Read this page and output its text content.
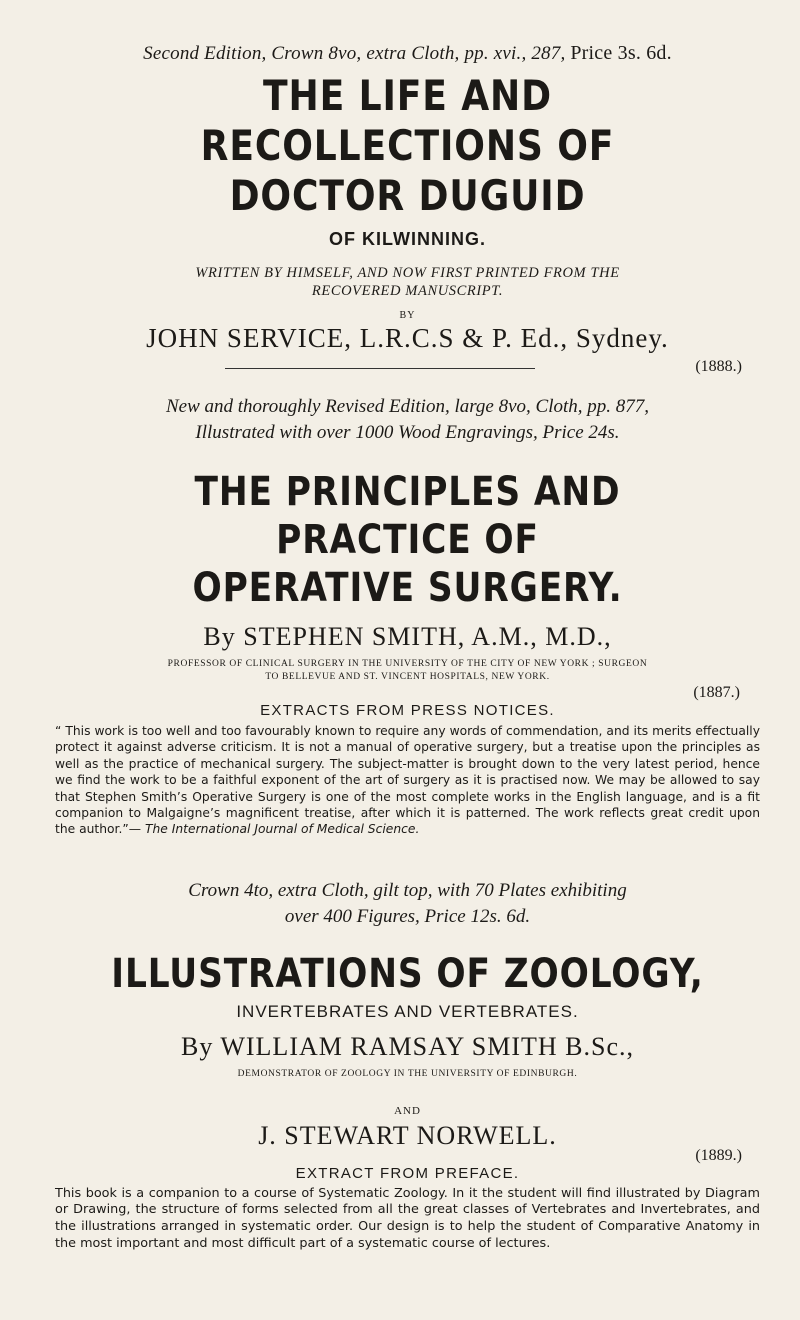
Second Edition, Crown 8vo, extra Cloth, pp. xvi., 287, Price 3s. 6d.

THE LIFE AND RECOLLECTIONS OF
DOCTOR DUGUID
OF KILWINNING.
WRITTEN BY HIMSELF, AND NOW FIRST PRINTED FROM THE
RECOVERED MANUSCRIPT.
BY
JOHN SERVICE, L.R.C.S & P. Ed., Sydney.
(1888.)
New and thoroughly Revised Edition, large 8vo, Cloth, pp. 877,
Illustrated with over 1000 Wood Engravings, Price 24s.
THE PRINCIPLES AND PRACTICE OF
OPERATIVE SURGERY.
By STEPHEN SMITH, A.M., M.D.,
PROFESSOR OF CLINICAL SURGERY IN THE UNIVERSITY OF THE CITY OF NEW YORK ; SURGEON
TO BELLEVUE AND ST. VINCENT HOSPITALS, NEW YORK.
(1887.)
EXTRACTS FROM PRESS NOTICES.
“ This work is too well and too favourably known to require any words of commendation, and its merits effectually protect it against adverse criticism. It is not a manual of operative surgery, but a treatise upon the principles as well as the practice of mechanical surgery. The subject-matter is brought down to the very latest period, hence we find the work to be a faithful exponent of the art of surgery as it is practised now. We may be allowed to say that Stephen Smith’s Operative Surgery is one of the most complete works in the English language, and is a fit companion to Malgaigne’s magnificent treatise, after which it is patterned. The work reflects great credit upon the author.”— The International Journal of Medical Science.
Crown 4to, extra Cloth, gilt top, with 70 Plates exhibiting
over 400 Figures, Price 12s. 6d.
ILLUSTRATIONS OF ZOOLOGY,
INVERTEBRATES AND VERTEBRATES.
By WILLIAM RAMSAY SMITH B.Sc.,
DEMONSTRATOR OF ZOOLOGY IN THE UNIVERSITY OF EDINBURGH.
AND
J. STEWART NORWELL.
(1889.)
EXTRACT FROM PREFACE.
This book is a companion to a course of Systematic Zoology. In it the student will find illustrated by Diagram or Drawing, the structure of forms selected from all the great classes of Vertebrates and Invertebrates, and the illustrations arranged in systematic order. Our design is to help the student of Comparative Anatomy in the most important and most difficult part of a systematic course of lectures.
